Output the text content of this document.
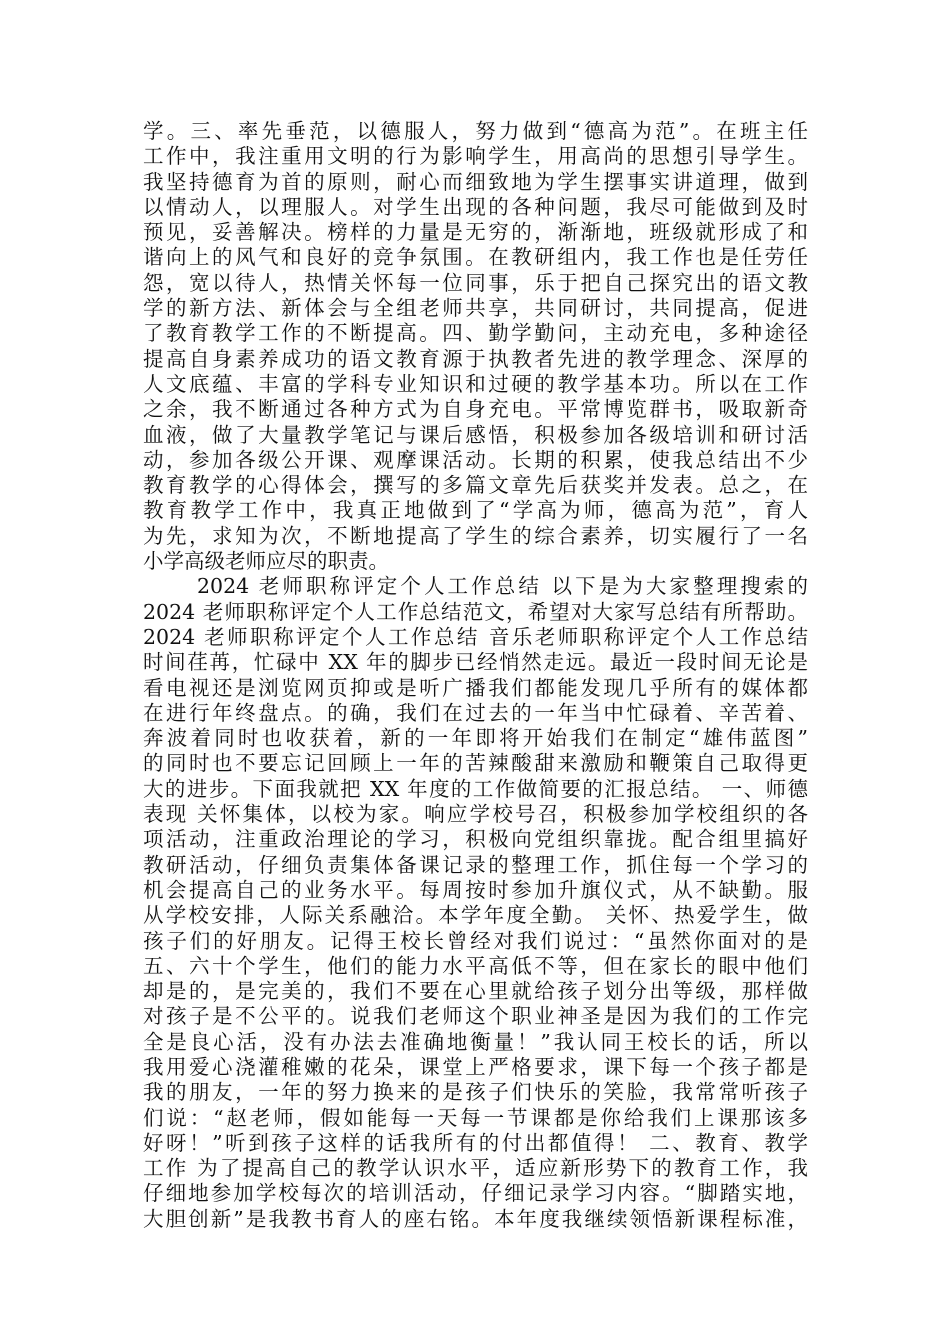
学。三、率先垂范，以德服人，努力做到“德高为范”。在班主任
工作中，我注重用文明的行为影响学生，用高尚的思想引导学生。
我坚持德育为首的原则，耐心而细致地为学生摆事实讲道理，做到
以情动人，以理服人。对学生出现的各种问题，我尽可能做到及时
预见，妥善解决。榜样的力量是无穷的，渐渐地，班级就形成了和
谐向上的风气和良好的竞争氛围。在教研组内，我工作也是任劳任
怨，宽以待人，热情关怀每一位同事，乐于把自己探究出的语文教
学的新方法、新体会与全组老师共享，共同研讨，共同提高，促进
了教育教学工作的不断提高。四、勤学勤问，主动充电，多种途径
提高自身素养成功的语文教育源于执教者先进的教学理念、深厚的
人文底蕴、丰富的学科专业知识和过硬的教学基本功。所以在工作
之余，我不断通过各种方式为自身充电。平常博览群书，吸取新奇
血液，做了大量教学笔记与课后感悟，积极参加各级培训和研讨活
动，参加各级公开课、观摩课活动。长期的积累，使我总结出不少
教育教学的心得体会，撰写的多篇文章先后获奖并发表。总之，在
教育教学工作中，我真正地做到了“学高为师，德高为范”，育人
为先，求知为次，不断地提高了学生的综合素养，切实履行了一名
小学高级老师应尽的职责。
2024 老师职称评定个人工作总结 以下是为大家整理搜索的
2024 老师职称评定个人工作总结范文，希望对大家写总结有所帮助。
2024 老师职称评定个人工作总结 音乐老师职称评定个人工作总结
时间荏苒，忙碌中 XX 年的脚步已经悄然走远。最近一段时间无论是
看电视还是浏览网页抑或是听广播我们都能发现几乎所有的媒体都
在进行年终盘点。的确，我们在过去的一年当中忙碌着、辛苦着、
奔波着同时也收获着，新的一年即将开始我们在制定“雄伟蓝图”
的同时也不要忘记回顾上一年的苦辣酸甜来激励和鞭策自己取得更
大的进步。下面我就把 XX 年度的工作做简要的汇报总结。 一、师德
表现 关怀集体，以校为家。响应学校号召，积极参加学校组织的各
项活动，注重政治理论的学习，积极向党组织靠拢。配合组里搞好
教研活动，仔细负责集体备课记录的整理工作，抓住每一个学习的
机会提高自己的业务水平。每周按时参加升旗仪式，从不缺勤。服
从学校安排，人际关系融洽。本学年度全勤。 关怀、热爱学生，做
孩子们的好朋友。记得王校长曾经对我们说过：“虽然你面对的是
五、六十个学生，他们的能力水平高低不等，但在家长的眼中他们
却是的，是完美的，我们不要在心里就给孩子划分出等级，那样做
对孩子是不公平的。说我们老师这个职业神圣是因为我们的工作完
全是良心活，没有办法去准确地衡量！”我认同王校长的话，所以
我用爱心浇灌稚嫩的花朵，课堂上严格要求，课下每一个孩子都是
我的朋友，一年的努力换来的是孩子们快乐的笑脸，我常常听孩子
们说：“赵老师，假如能每一天每一节课都是你给我们上课那该多
好呀！”听到孩子这样的话我所有的付出都值得！ 二、教育、教学
工作 为了提高自己的教学认识水平，适应新形势下的教育工作，我
仔细地参加学校每次的培训活动，仔细记录学习内容。“脚踏实地，
大胆创新”是我教书育人的座右铭。本年度我继续领悟新课程标准，
